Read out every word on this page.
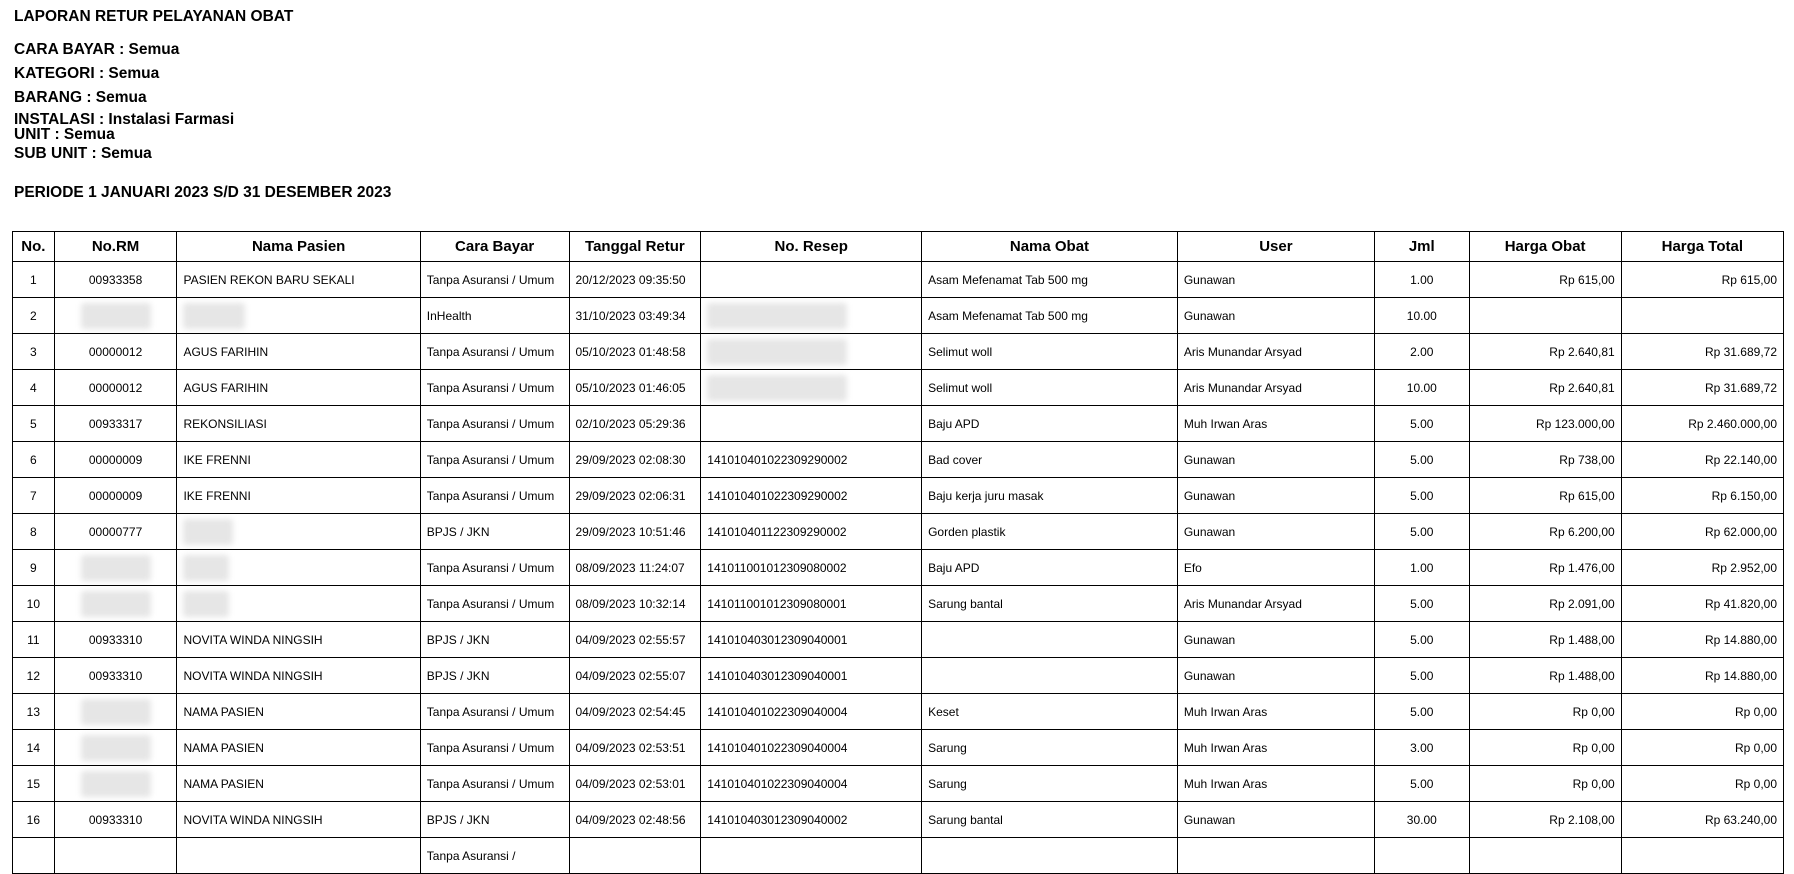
LAPORAN RETUR PELAYANAN OBAT
CARA BAYAR : Semua
KATEGORI : Semua
BARANG : Semua
INSTALASI : Instalasi Farmasi
UNIT : Semua
SUB UNIT : Semua
PERIODE 1 JANUARI 2023 S/D 31 DESEMBER 2023
No.	No.RM	Nama Pasien	Cara Bayar	Tanggal Retur	No. Resep	Nama Obat	User	Jml	Harga Obat	Harga Total
1	00933358	PASIEN REKON BARU SEKALI	Tanpa Asuransi / Umum	20/12/2023 09:35:50		Asam Mefenamat Tab 500 mg	Gunawan	1.00	Rp 615,00	Rp 615,00
2			InHealth	31/10/2023 03:49:34		Asam Mefenamat Tab 500 mg	Gunawan	10.00		
3	00000012	AGUS FARIHIN	Tanpa Asuransi / Umum	05/10/2023 01:48:58		Selimut woll	Aris Munandar Arsyad	2.00	Rp 2.640,81	Rp 31.689,72
4	00000012	AGUS FARIHIN	Tanpa Asuransi / Umum	05/10/2023 01:46:05		Selimut woll	Aris Munandar Arsyad	10.00	Rp 2.640,81	Rp 31.689,72
5	00933317	REKONSILIASI	Tanpa Asuransi / Umum	02/10/2023 05:29:36		Baju APD	Muh Irwan Aras	5.00	Rp 123.000,00	Rp 2.460.000,00
6	00000009	IKE FRENNI	Tanpa Asuransi / Umum	29/09/2023 02:08:30	141010401022309290002	Bad cover	Gunawan	5.00	Rp 738,00	Rp 22.140,00
7	00000009	IKE FRENNI	Tanpa Asuransi / Umum	29/09/2023 02:06:31	141010401022309290002	Baju kerja juru masak	Gunawan	5.00	Rp 615,00	Rp 6.150,00
8	00000777		BPJS / JKN	29/09/2023 10:51:46	141010401122309290002	Gorden plastik	Gunawan	5.00	Rp 6.200,00	Rp 62.000,00
9			Tanpa Asuransi / Umum	08/09/2023 11:24:07	141011001012309080002	Baju APD	Efo	1.00	Rp 1.476,00	Rp 2.952,00
10			Tanpa Asuransi / Umum	08/09/2023 10:32:14	141011001012309080001	Sarung bantal	Aris Munandar Arsyad	5.00	Rp 2.091,00	Rp 41.820,00
11	00933310	NOVITA WINDA NINGSIH	BPJS / JKN	04/09/2023 02:55:57	141010403012309040001		Gunawan	5.00	Rp 1.488,00	Rp 14.880,00
12	00933310	NOVITA WINDA NINGSIH	BPJS / JKN	04/09/2023 02:55:07	141010403012309040001		Gunawan	5.00	Rp 1.488,00	Rp 14.880,00
13		NAMA PASIEN	Tanpa Asuransi / Umum	04/09/2023 02:54:45	141010401022309040004	Keset	Muh Irwan Aras	5.00	Rp 0,00	Rp 0,00
14		NAMA PASIEN	Tanpa Asuransi / Umum	04/09/2023 02:53:51	141010401022309040004	Sarung	Muh Irwan Aras	3.00	Rp 0,00	Rp 0,00
15		NAMA PASIEN	Tanpa Asuransi / Umum	04/09/2023 02:53:01	141010401022309040004	Sarung	Muh Irwan Aras	5.00	Rp 0,00	Rp 0,00
16	00933310	NOVITA WINDA NINGSIH	BPJS / JKN	04/09/2023 02:48:56	141010403012309040002	Sarung bantal	Gunawan	30.00	Rp 2.108,00	Rp 63.240,00
			Tanpa Asuransi /							
